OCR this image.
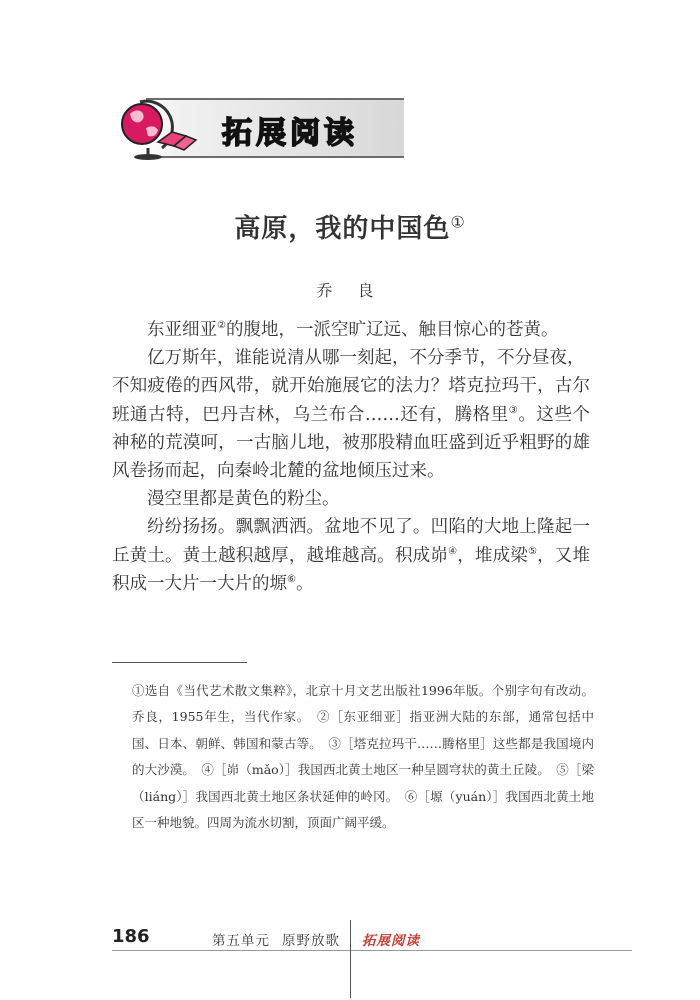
拓展阅读
高原，我的中国色①
乔 良

东亚细亚②的腹地，一派空旷辽远、触目惊心的苍黄。

亿万斯年，谁能说清从哪一刻起，不分季节，不分昼夜，

不知疲倦的西风带，就开始施展它的法力？塔克拉玛干，古尔班通古特，巴丹吉林，乌兰布合……还有，腾格里③。这些个神秘的荒漠呵，一古脑儿地，被那股精血旺盛到近乎粗野的雄风卷扬而起，向秦岭北麓的盆地倾压过来。

漫空里都是黄色的粉尘。

纷纷扬扬。飘飘洒洒。盆地不见了。凹陷的大地上隆起一丘黄土。黄土越积越厚，越堆越高。积成峁④，堆成梁⑤，又堆积成一大片一大片的塬⑥。

①选自《当代艺术散文集粹》，北京十月文艺出版社1996年版。个别字句有改动。乔良，1955年生，当代作家。　②［东亚细亚］指亚洲大陆的东部，通常包括中国、日本、朝鲜、韩国和蒙古等。　③［塔克拉玛干……腾格里］这些都是我国境内的大沙漠。　④［峁（mǎo）］我国西北黄土地区一种呈圆穹状的黄土丘陵。　⑤［梁（liáng）］我国西北黄土地区条状延伸的岭冈。　⑥［塬（yuán）］我国西北黄土地区一种地貌。四周为流水切割，顶面广阔平缓。

186	第五单元 原野放歌 拓展阅读
